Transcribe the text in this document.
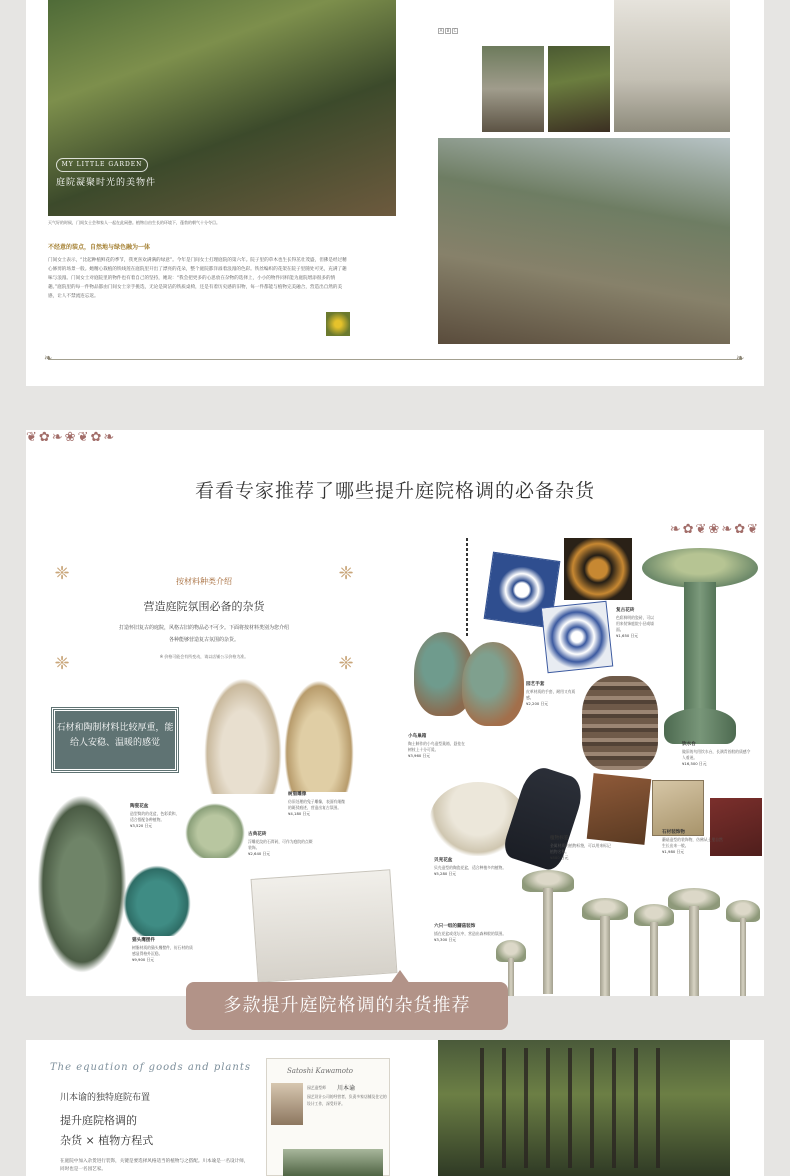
MY LITTLE GARDEN
庭院凝聚时光的美物件
天气好的时候，门间女士会和家人一起在此闲憩。植物自由生长的环境下，蓬勃的朝气十分夺目。
不经意的装点，自然地与绿色融为一体
门间女士表示，“比起种植鲜花的季节，我更喜欢满满的绿意”。今年是门间女士打理庭院的第六年。院子里的草木也生长得茁壮茂盛，但佛是经过精心修剪的场景一般。她精心栽植的铁线莲在庭院里开出了漂亮的花朵，整个庭院都洋溢着浪漫的色彩。铁丝编织的花架在院子里随处可见，充满了趣味与浪漫。门间女士对庭院里的物件也有着自己的坚持，她说：“我会把更多的心思放在杂物的选择上，小小的物件同样能为庭院增添很多的情趣。”庭院里的每一件物品都由门间女士亲手挑选，无论是简洁的铁质桌椅，还是有着历史感的旧物，每一件都能与植物完美融合，营造出自然的美感，让人不禁流连忘返。
A	B	C
❧	❧
❦✿❧❀❦✿❧
❧✿❦❀❧✿❦
看看专家推荐了哪些提升庭院格调的必备杂货
❈	❈
❈	❈
按材料种类介绍
营造庭院氛围必备的杂货
打造怀旧复古的庭院，风格古旧的物品必不可少。下面将按材料类别为您介绍各种能够营造复古氛围的杂货。
※ 价格可能会有所变动，请以店铺公示价格为准。
石材和陶制材料比较厚重，能给人安稳、温暖的感觉
树脂雕像
仿旧处理的兔子雕像，表面有细微的斑驳痕迹，营造出复古氛围。
¥4,180 日元
陶瓷花盆
造型简约的花盆，色彩柔和，适合搭配各种植物。
¥3,520 日元
古典花砖
浮雕花纹的石膏砖，可作为庭院的点缀装饰。
¥2,640 日元
猫头鹰摆件
树脂材质的猫头鹰摆件，仿石材的质感显得格外沉稳。
¥9,900 日元
小鸟巢箱
陶土制作的小鸟造型巢箱，悬挂在树枝上十分可爱。
¥3,960 日元
复古花砖
色彩鲜明的瓷砖，可以用来装饰庭院小径或墙面。
¥1,650 日元
饮水台
做旧的鸟用饮水台，长满青苔般的质感令人着迷。
¥16,500 日元
贝壳花盆
贝壳造型的陶瓷花盆，适合种植多肉植物。
¥5,280 日元
园艺手套
皮革材质的手套，耐用又有质感。
¥2,200 日元
植物标签
金属材质的植物标签，可以用来标记植物名称。
¥880 日元
石材装饰物
蘑菇造型的装饰物，仿佛从土里自然生长出来一般。
¥1,980 日元
六只一组的蘑菇装饰
插在花盆或花坛中，营造出森林般的氛围。
¥3,300 日元
多款提升庭院格调的杂货推荐
The equation of goods and plants
川本谕的独特庭院布置
提升庭院格调的
杂货 × 植物方程式
在庭院中加入杂货进行装饰，关键是要选择风格适当的植物与之搭配。川本谕是一名设计师，同时也是一名园艺家。
Satoshi Kawamoto
园艺造型师 川本谕
园艺设计公司的经营者，负责多家店铺及住宅的设计工作，深受好评。
